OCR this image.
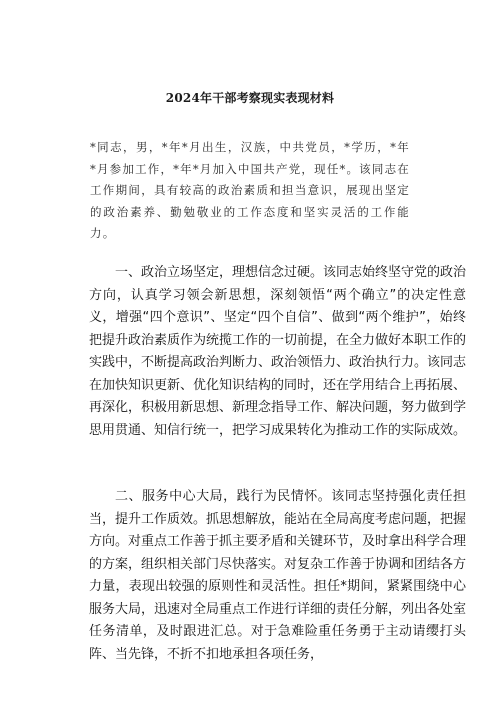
2024年干部考察现实表现材料

*同志，男，*年*月出生，汉族，中共党员，*学历，*年*月参加工作，*年*月加入中国共产党，现任*。该同志在工作期间，具有较高的政治素质和担当意识，展现出坚定的政治素养、勤勉敬业的工作态度和坚实灵活的工作能力。

一、政治立场坚定，理想信念过硬。该同志始终坚守党的政治方向，认真学习领会新思想，深刻领悟“两个确立”的决定性意义，增强“四个意识”、坚定“四个自信”、做到“两个维护”，始终把提升政治素质作为统揽工作的一切前提，在全力做好本职工作的实践中，不断提高政治判断力、政治领悟力、政治执行力。该同志在加快知识更新、优化知识结构的同时，还在学用结合上再拓展、再深化，积极用新思想、新理念指导工作、解决问题，努力做到学思用贯通、知信行统一，把学习成果转化为推动工作的实际成效。

二、服务中心大局，践行为民情怀。该同志坚持强化责任担当，提升工作质效。抓思想解放，能站在全局高度考虑问题，把握方向。对重点工作善于抓主要矛盾和关键环节，及时拿出科学合理的方案，组织相关部门尽快落实。对复杂工作善于协调和团结各方力量，表现出较强的原则性和灵活性。担任*期间，紧紧围绕中心服务大局，迅速对全局重点工作进行详细的责任分解，列出各处室任务清单，及时跟进汇总。对于急难险重任务勇于主动请缨打头阵、当先锋，不折不扣地承担各项任务，
